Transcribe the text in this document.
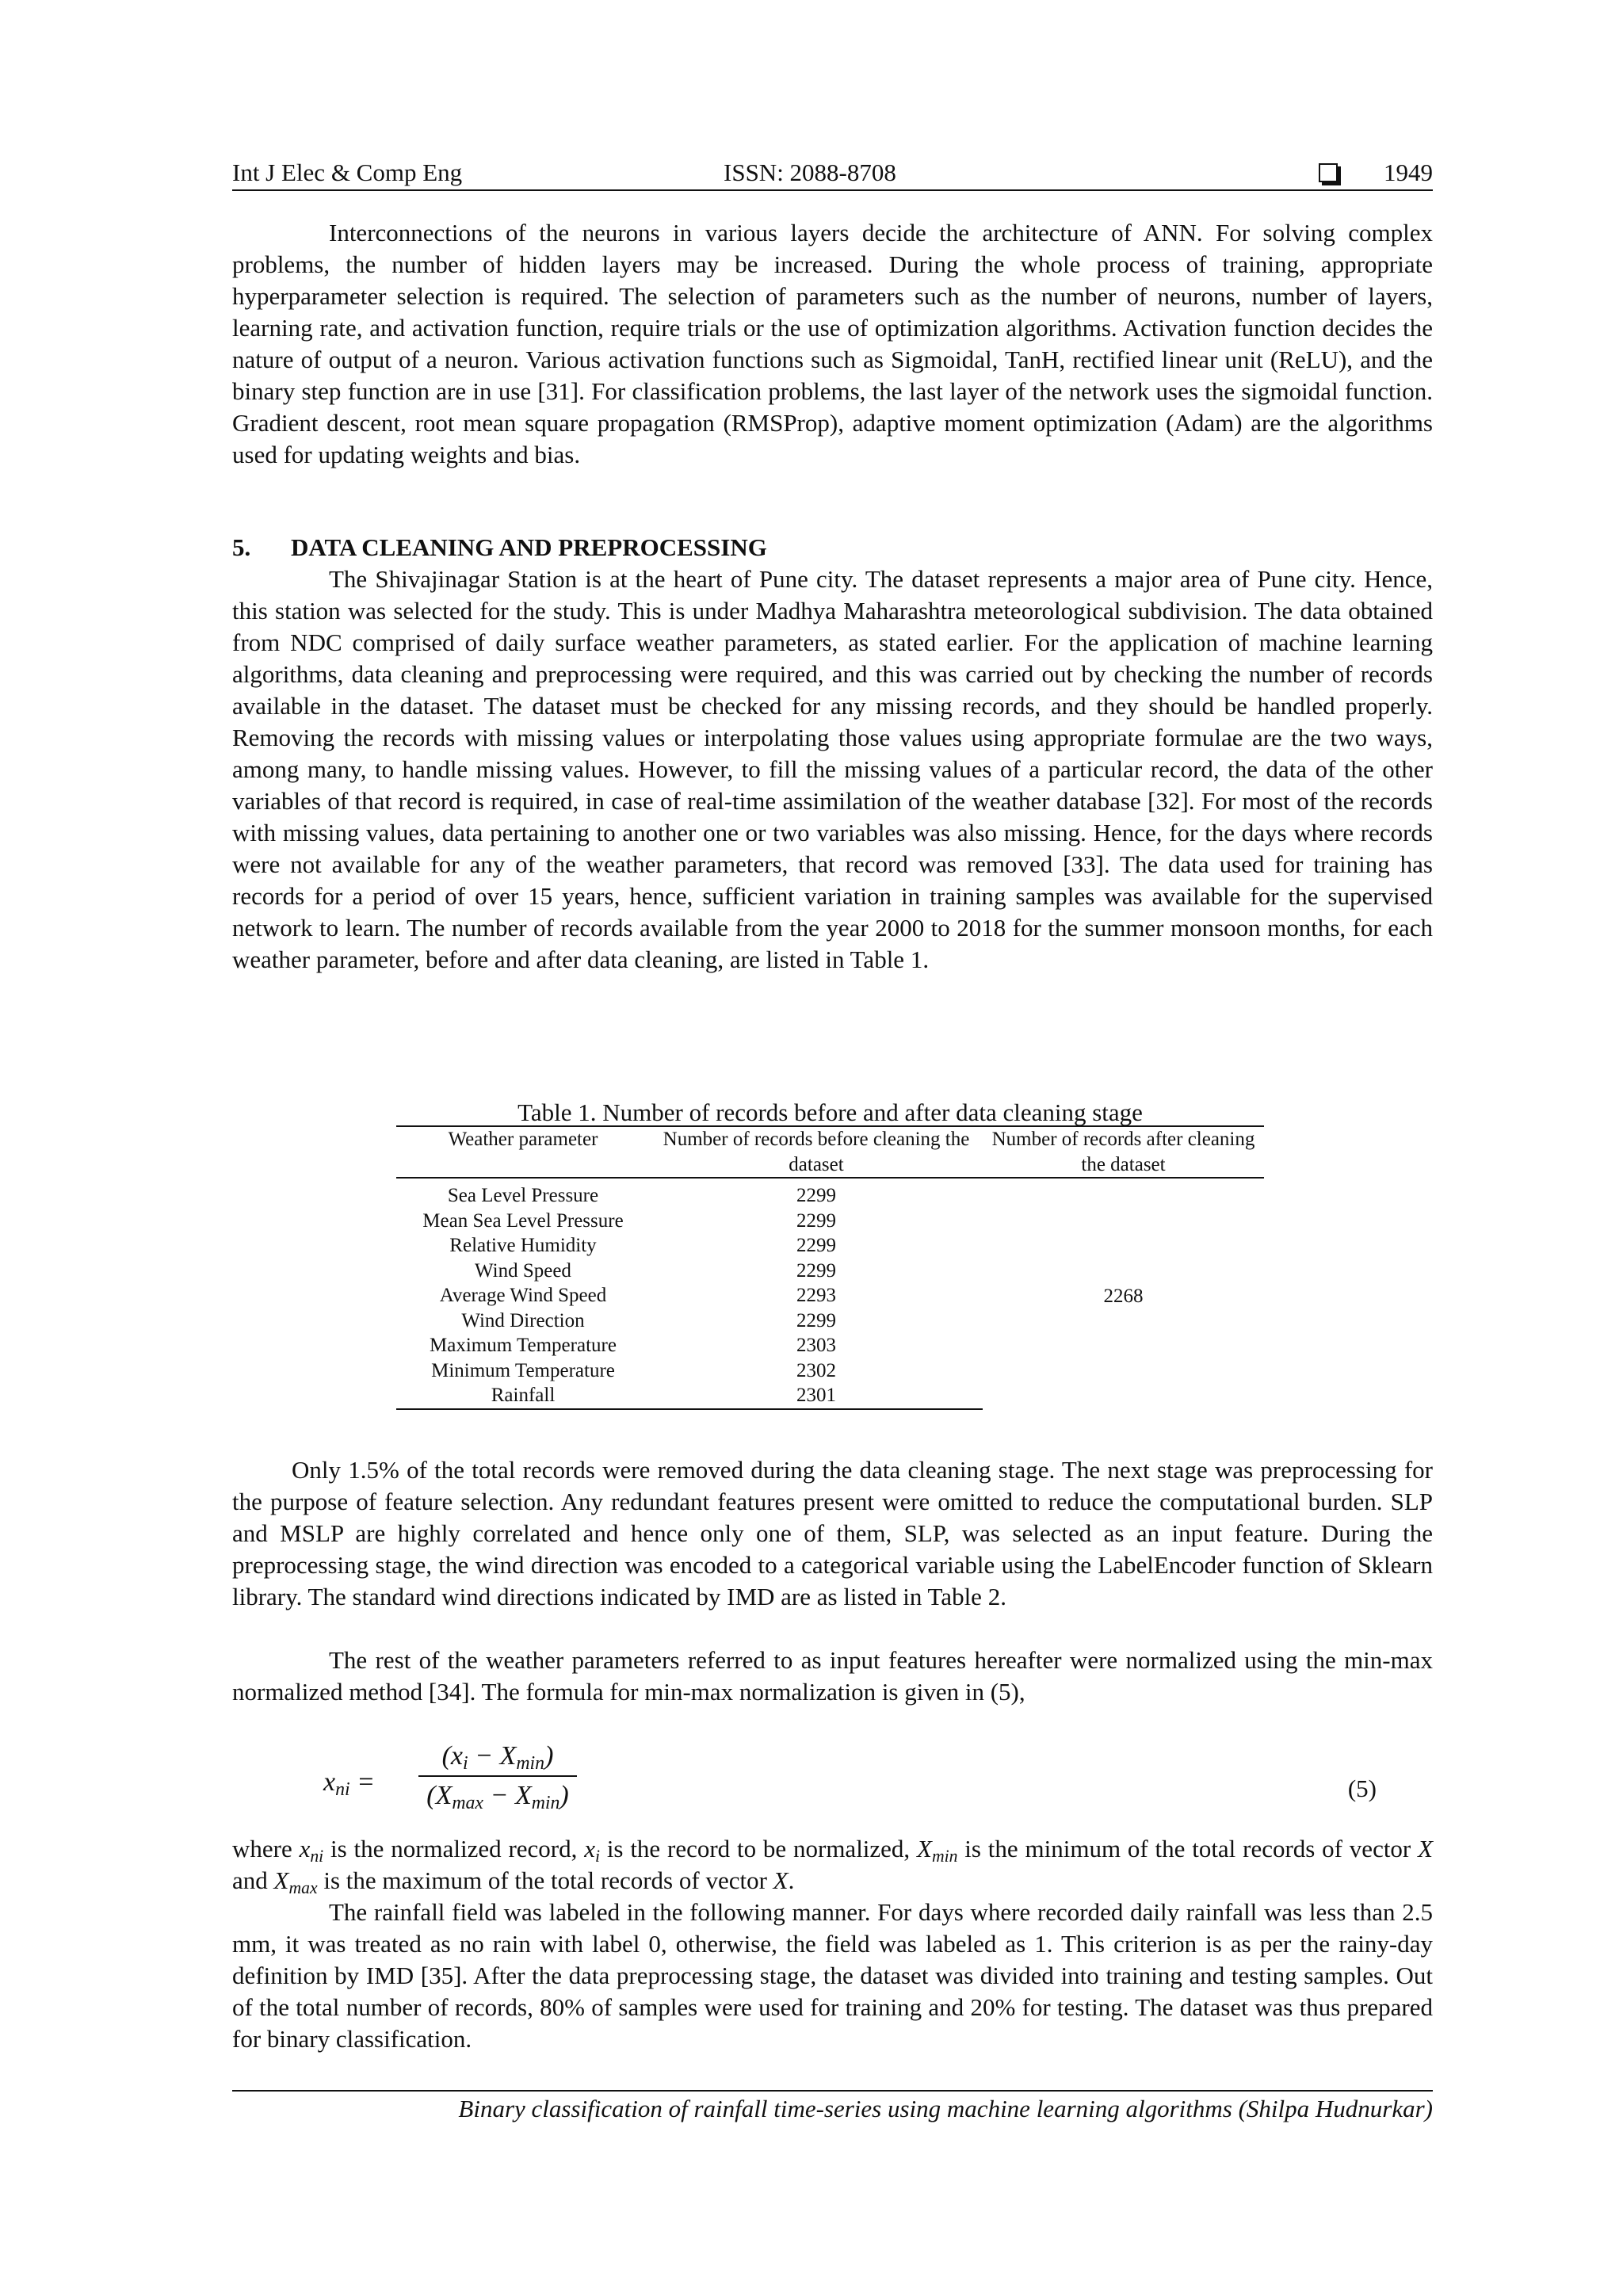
Int J Elec & Comp Eng	ISSN: 2088-8708	1949

Interconnections of the neurons in various layers decide the architecture of ANN. For solving complex problems, the number of hidden layers may be increased. During the whole process of training, appropriate hyperparameter selection is required. The selection of parameters such as the number of neurons, number of layers, learning rate, and activation function, require trials or the use of optimization algorithms. Activation function decides the nature of output of a neuron. Various activation functions such as Sigmoidal, TanH, rectified linear unit (ReLU), and the binary step function are in use [31]. For classification problems, the last layer of the network uses the sigmoidal function. Gradient descent, root mean square propagation (RMSProp), adaptive moment optimization (Adam) are the algorithms used for updating weights and bias.

5. DATA CLEANING AND PREPROCESSING

The Shivajinagar Station is at the heart of Pune city. The dataset represents a major area of Pune city. Hence, this station was selected for the study. This is under Madhya Maharashtra meteorological subdivision. The data obtained from NDC comprised of daily surface weather parameters, as stated earlier. For the application of machine learning algorithms, data cleaning and preprocessing were required, and this was carried out by checking the number of records available in the dataset. The dataset must be checked for any missing records, and they should be handled properly. Removing the records with missing values or interpolating those values using appropriate formulae are the two ways, among many, to handle missing values. However, to fill the missing values of a particular record, the data of the other variables of that record is required, in case of real-time assimilation of the weather database [32]. For most of the records with missing values, data pertaining to another one or two variables was also missing. Hence, for the days where records were not available for any of the weather parameters, that record was removed [33]. The data used for training has records for a period of over 15 years, hence, sufficient variation in training samples was available for the supervised network to learn. The number of records available from the year 2000 to 2018 for the summer monsoon months, for each weather parameter, before and after data cleaning, are listed in Table 1.

Table 1. Number of records before and after data cleaning stage
Weather parameter	Number of records before cleaning the dataset	Number of records after cleaning the dataset
Sea Level Pressure	2299	2268
Mean Sea Level Pressure	2299	
Relative Humidity	2299	
Wind Speed	2299	
Average Wind Speed	2293	
Wind Direction	2299	
Maximum Temperature	2303	
Minimum Temperature	2302	
Rainfall	2301	

Only 1.5% of the total records were removed during the data cleaning stage. The next stage was preprocessing for the purpose of feature selection. Any redundant features present were omitted to reduce the computational burden. SLP and MSLP are highly correlated and hence only one of them, SLP, was selected as an input feature. During the preprocessing stage, the wind direction was encoded to a categorical variable using the LabelEncoder function of Sklearn library. The standard wind directions indicated by IMD are as listed in Table 2.

The rest of the weather parameters referred to as input features hereafter were normalized using the min-max normalized method [34]. The formula for min-max normalization is given in (5),

$x_{ni}$ =
$(x_i - X_{min})$
$(X_{max} - X_{min})$	(5)

where $x_{ni}$ is the normalized record, $x_i$ is the record to be normalized, $X_{min}$ is the minimum of the total records of vector X and $X_{max}$ is the maximum of the total records of vector X.

The rainfall field was labeled in the following manner. For days where recorded daily rainfall was less than 2.5 mm, it was treated as no rain with label 0, otherwise, the field was labeled as 1. This criterion is as per the rainy-day definition by IMD [35]. After the data preprocessing stage, the dataset was divided into training and testing samples. Out of the total number of records, 80% of samples were used for training and 20% for testing. The dataset was thus prepared for binary classification.

Binary classification of rainfall time-series using machine learning algorithms (Shilpa Hudnurkar)
